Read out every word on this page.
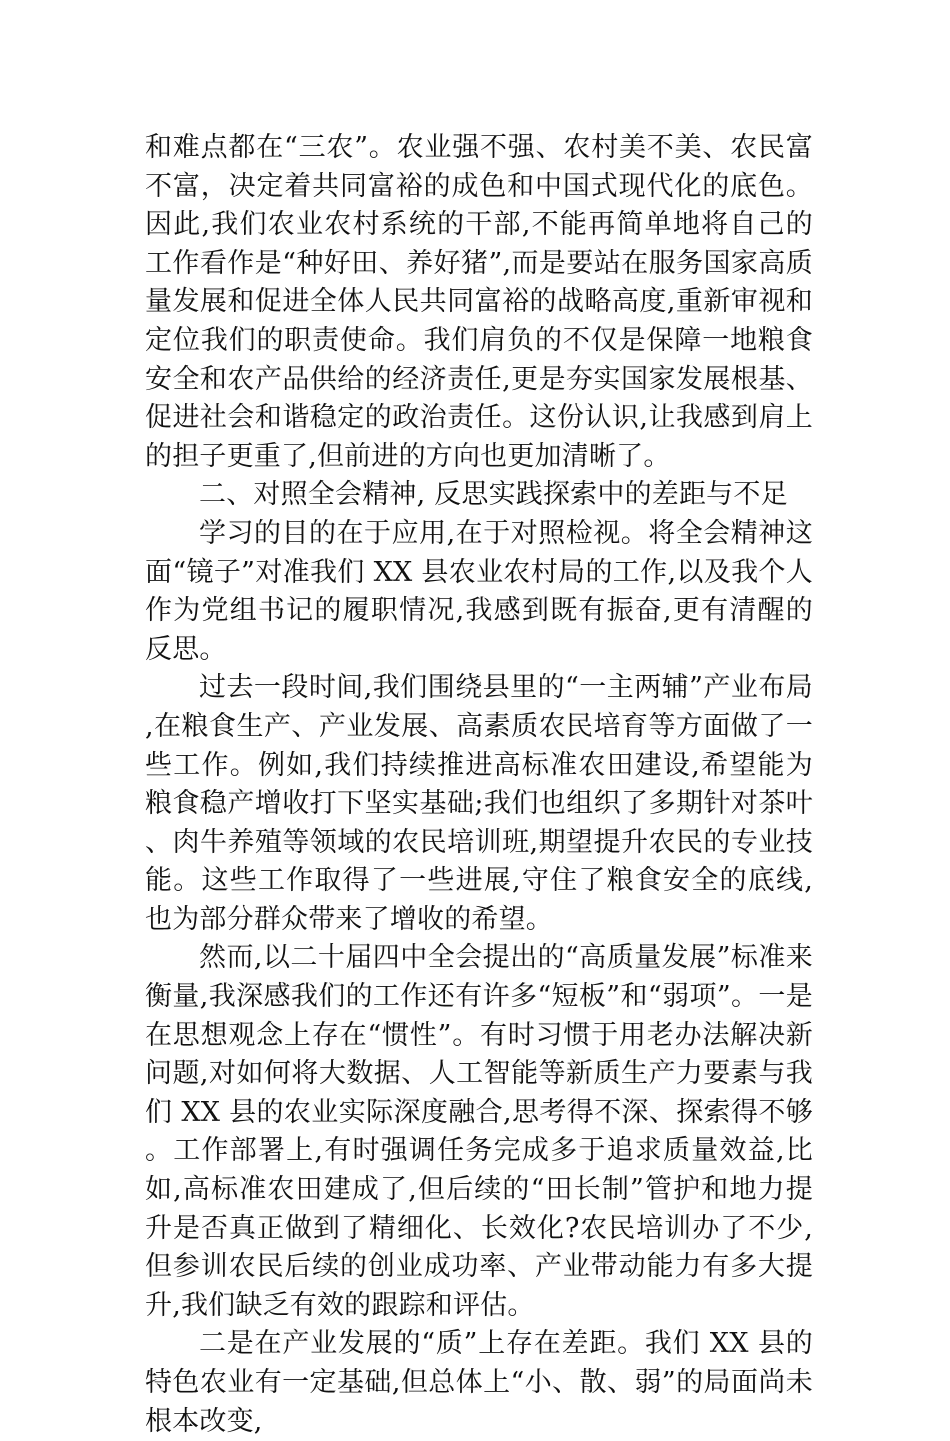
和难点都在“三农”。农业强不强、农村美不美、农民富不富，决定着共同富裕的成色和中国式现代化的底色。因此,我们农业农村系统的干部,不能再简单地将自己的工作看作是“种好田、养好猪”,而是要站在服务国家高质量发展和促进全体人民共同富裕的战略高度,重新审视和定位我们的职责使命。我们肩负的不仅是保障一地粮食安全和农产品供给的经济责任,更是夯实国家发展根基、促进社会和谐稳定的政治责任。这份认识,让我感到肩上的担子更重了,但前进的方向也更加清晰了。

二、对照全会精神, 反思实践探索中的差距与不足

学习的目的在于应用,在于对照检视。将全会精神这面“镜子”对准我们 XX 县农业农村局的工作,以及我个人作为党组书记的履职情况,我感到既有振奋,更有清醒的反思。

过去一段时间,我们围绕县里的“一主两辅”产业布局,在粮食生产、产业发展、高素质农民培育等方面做了一些工作。例如,我们持续推进高标准农田建设,希望能为粮食稳产增收打下坚实基础;我们也组织了多期针对茶叶、肉牛养殖等领域的农民培训班,期望提升农民的专业技能。这些工作取得了一些进展,守住了粮食安全的底线,也为部分群众带来了增收的希望。

然而,以二十届四中全会提出的“高质量发展”标准来衡量,我深感我们的工作还有许多“短板”和“弱项”。一是在思想观念上存在“惯性”。有时习惯于用老办法解决新问题,对如何将大数据、人工智能等新质生产力要素与我们 XX 县的农业实际深度融合,思考得不深、探索得不够。工作部署上,有时强调任务完成多于追求质量效益,比如,高标准农田建成了,但后续的“田长制”管护和地力提升是否真正做到了精细化、长效化?农民培训办了不少,但参训农民后续的创业成功率、产业带动能力有多大提升,我们缺乏有效的跟踪和评估。

二是在产业发展的“质”上存在差距。我们 XX 县的特色农业有一定基础,但总体上“小、散、弱”的局面尚未根本改变,
